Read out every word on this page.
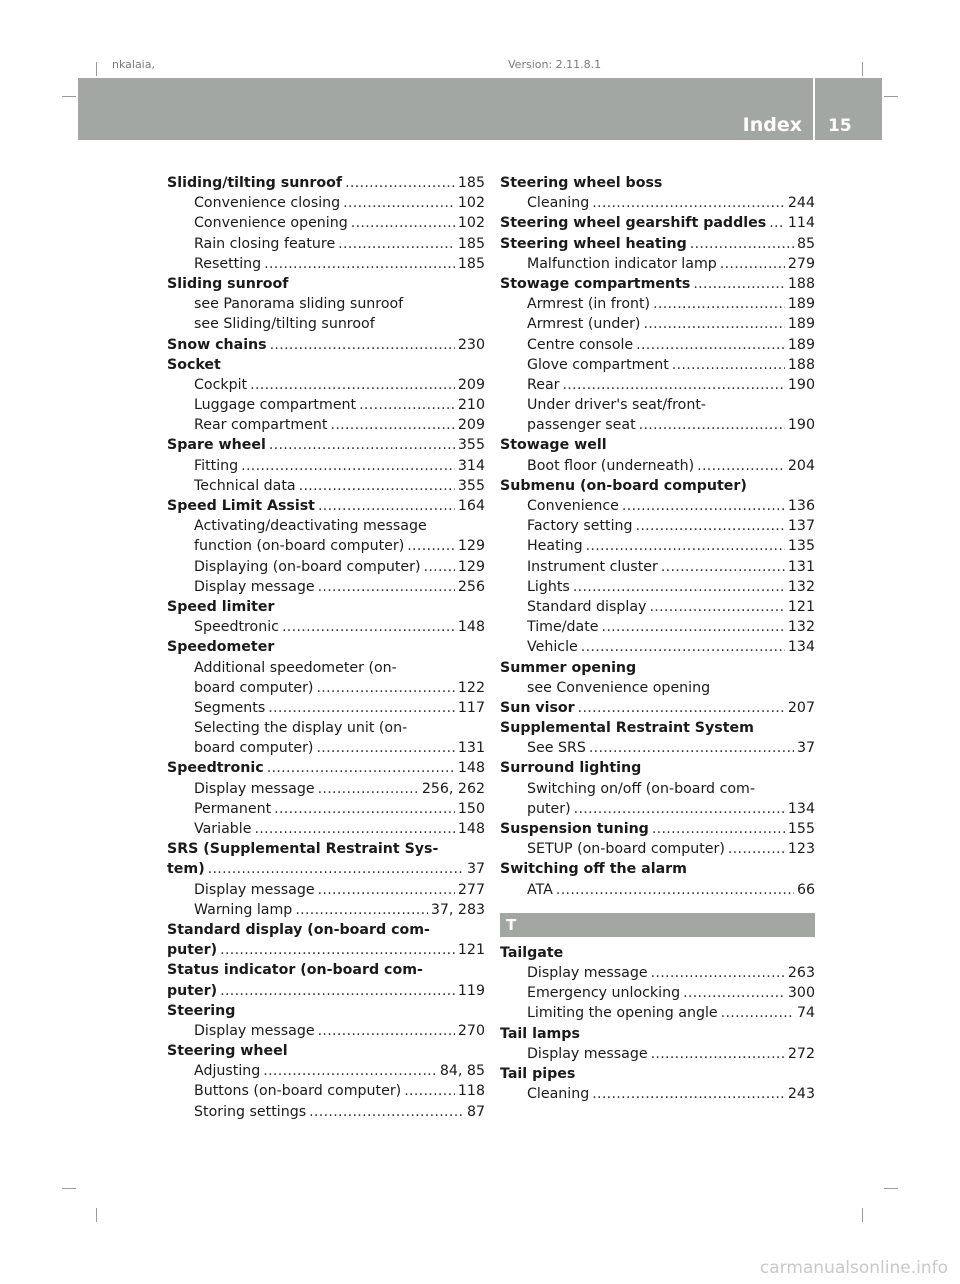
nkalaia,	Version: 2.11.8.1
Index 15
Sliding/tilting sunroof . . .	185
Convenience closing . . .	102
Convenience opening . . .	102
Rain closing feature . . .	185
Resetting . . .	185
Sliding sunroof
see Panorama sliding sunroof
see Sliding/tilting sunroof
Snow chains . . .	230
Socket
Cockpit . . .	209
Luggage compartment . . .	210
Rear compartment . . .	209
Spare wheel . . .	355
Fitting . . .	314
Technical data . . .	355
Speed Limit Assist . . .	164
Activating/deactivating message
function (on-board computer) . . .	129
Displaying (on-board computer) . . .	129
Display message . . .	256
Speed limiter
Speedtronic . . .	148
Speedometer
Additional speedometer (on-
board computer) . . .	122
Segments . . .	117
Selecting the display unit (on-
board computer) . . .	131
Speedtronic . . .	148
Display message . . .	256, 262
Permanent . . .	150
Variable . . .	148
SRS (Supplemental Restraint Sys-
tem) . . .	37
Display message . . .	277
Warning lamp . . .	37, 283
Standard display (on-board com-
puter) . . .	121
Status indicator (on-board com-
puter) . . .	119
Steering
Display message . . .	270
Steering wheel
Adjusting . . .	84, 85
Buttons (on-board computer) . . .	118
Storing settings . . .	87
Steering wheel boss
Cleaning . . .	244
Steering wheel gearshift paddles . . . 114
Steering wheel heating . . .	85
Malfunction indicator lamp . . .	279
Stowage compartments . . .	188
Armrest (in front) . . .	189
Armrest (under) . . .	189
Centre console . . .	189
Glove compartment . . .	188
Rear . . .	190
Under driver's seat/front-
passenger seat . . .	190
Stowage well
Boot floor (underneath) . . .	204
Submenu (on-board computer)
Convenience . . .	136
Factory setting . . .	137
Heating . . .	135
Instrument cluster . . .	131
Lights . . .	132
Standard display . . .	121
Time/date . . .	132
Vehicle . . .	134
Summer opening
see Convenience opening
Sun visor . . .	207
Supplemental Restraint System
See SRS . . .	37
Surround lighting
Switching on/off (on-board com-
puter) . . .	134
Suspension tuning . . .	155
SETUP (on-board computer) . . .	123
Switching off the alarm
ATA . . .	66
T
Tailgate
Display message . . .	263
Emergency unlocking . . .	300
Limiting the opening angle . . .	74
Tail lamps
Display message . . .	272
Tail pipes
Cleaning . . .	243
carmanualsonline.info
